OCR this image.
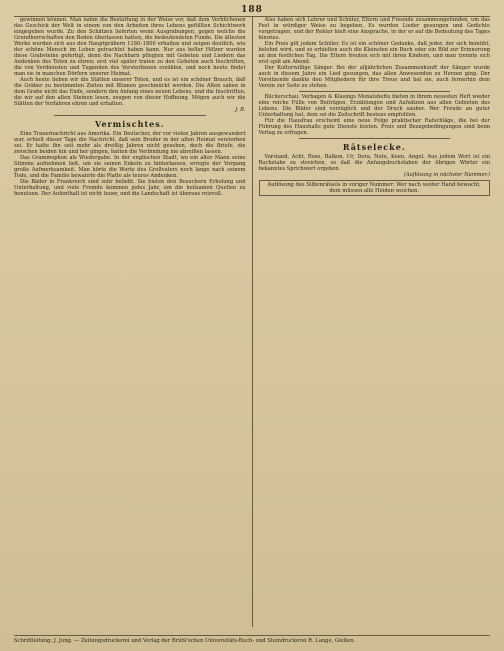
188

gewinnen können. Man nahm die Bestattung in der Weise vor, daß dem Verblichenen das Geschick der Welt in einem von den Arbeiten ihres Lebens gefüllten Schichtwerk eingegeben wurde. Zu den Schätzen lieferten wenn Ausgrabungen, gegen welche die Grundherrschaften den Boden überlassen hatten, die bedeutendsten Funde. Die ältesten Werke wurden sich aus den Hauptgräbern 1180–1800 erhalten und zeigen deutlich, wie der schöne Mensch im Leben getrachtet haben kann. Nur aus heller Hölzer wurden diese Grabsteine gefertigt, denn die Nachbarn pflegten mit Gebeten und Liedern das Andenken des Toten zu ehren; erst viel später traten zu den Gebeten auch Inschriften, die von Verdiensten und Tugenden des Verstorbenen erzählen, und noch heute findet man sie in manchen Dörfern unserer Heimat.

Auch heute lieben wir die Stätten unserer Toten, und es ist ein schöner Brauch, daß die Gräber zu bestimmten Zeiten mit Blumen geschmückt werden. Die Alten sahen in dem Grabe nicht das Ende, sondern den Anfang eines neuen Lebens, und die Inschriften, die wir auf den alten Steinen lesen, zeugen von dieser Hoffnung. Mögen auch wir die Stätten der Vorfahren ehren und erhalten.

J. B.
Vermischtes.

Eine Trauernachricht aus Amerika. Ein Deutscher, der vor vielen Jahren ausgewandert war, erhielt dieser Tage die Nachricht, daß sein Bruder in der alten Heimat verstorben sei. Er hatte ihn seit mehr als dreißig Jahren nicht gesehen, doch die Briefe, die zwischen beiden hin und her gingen, hatten die Verbindung nie abreißen lassen.

Das Grammophon als Wiedergabe. In der englischen Stadt, wo ein alter Mann seine Stimme aufnehmen ließ, um sie seinen Enkeln zu hinterlassen, erregte der Vorgang große Aufmerksamkeit. Man hörte die Worte des Großvaters noch lange nach seinem Tode, und die Familie bewahrte die Platte als teures Andenken.

Die Bäder in Frankreich sind sehr beliebt. Sie bieten den Besuchern Erholung und Unterhaltung, und viele Fremde kommen jedes Jahr, um die heilsamen Quellen zu benutzen. Der Aufenthalt ist nicht teuer, und die Landschaft ist überaus reizvoll.

Also haben sich Lehrer und Schüler, Eltern und Freunde zusammengefunden, um das Fest in würdiger Weise zu begehen. Es wurden Lieder gesungen und Gedichte vorgetragen, und der Rektor hielt eine Ansprache, in der er auf die Bedeutung des Tages hinwies.

Ein Preis gilt jedem Schüler. Es ist ein schöner Gedanke, daß jeder, der sich bemüht, belohnt wird, und so erhielten auch die Kleinsten ein Buch oder ein Bild zur Erinnerung an den festlichen Tag. Die Eltern freuten sich mit ihren Kindern, und man trennte sich erst spät am Abend.

Der Kulturwillige Sänger. Bei der alljährlichen Zusammenkunft der Sänger wurde auch in diesem Jahre ein Lied gesungen, das allen Anwesenden zu Herzen ging. Der Vorsitzende dankte den Mitgliedern für ihre Treue und bat sie, auch fernerhin dem Verein zur Seite zu stehen.

Bücherschau. Verhagen & Klasings Monatshefte bieten in ihrem neuesten Heft wieder eine reiche Fülle von Beiträgen, Erzählungen und Aufsätzen aus allen Gebieten des Lebens. Die Bilder sind vorzüglich und der Druck sauber. Wer Freude an guter Unterhaltung hat, dem sei die Zeitschrift bestens empfohlen.

Für die Hausfrau erscheint eine neue Folge praktischer Ratschläge, die bei der Führung des Haushalts gute Dienste leisten. Preis und Bezugsbedingungen sind beim Verlag zu erfragen.

Rätselecke.

Vorstand, Acht, Rose, Balkon, Ur, Dora, Note, Keen, Angel. Aus jedem Wort ist ein Buchstabe zu streichen, so daß die Anfangsbuchstaben der übrigen Wörter ein bekanntes Sprichwort ergeben.

(Auflösung in nächster Nummer.)
Auflösung des Silbenrätsels in voriger Nummer: Wer nach weiter Hand bewacht, dem müssen alle Heiden weichen.
Schriftleitung: J. Jung. — Zeitungsdruckerei und Verlag der Brühl'schen Universitäts-Buch- und Steindruckerei R. Lange, Gießen.
